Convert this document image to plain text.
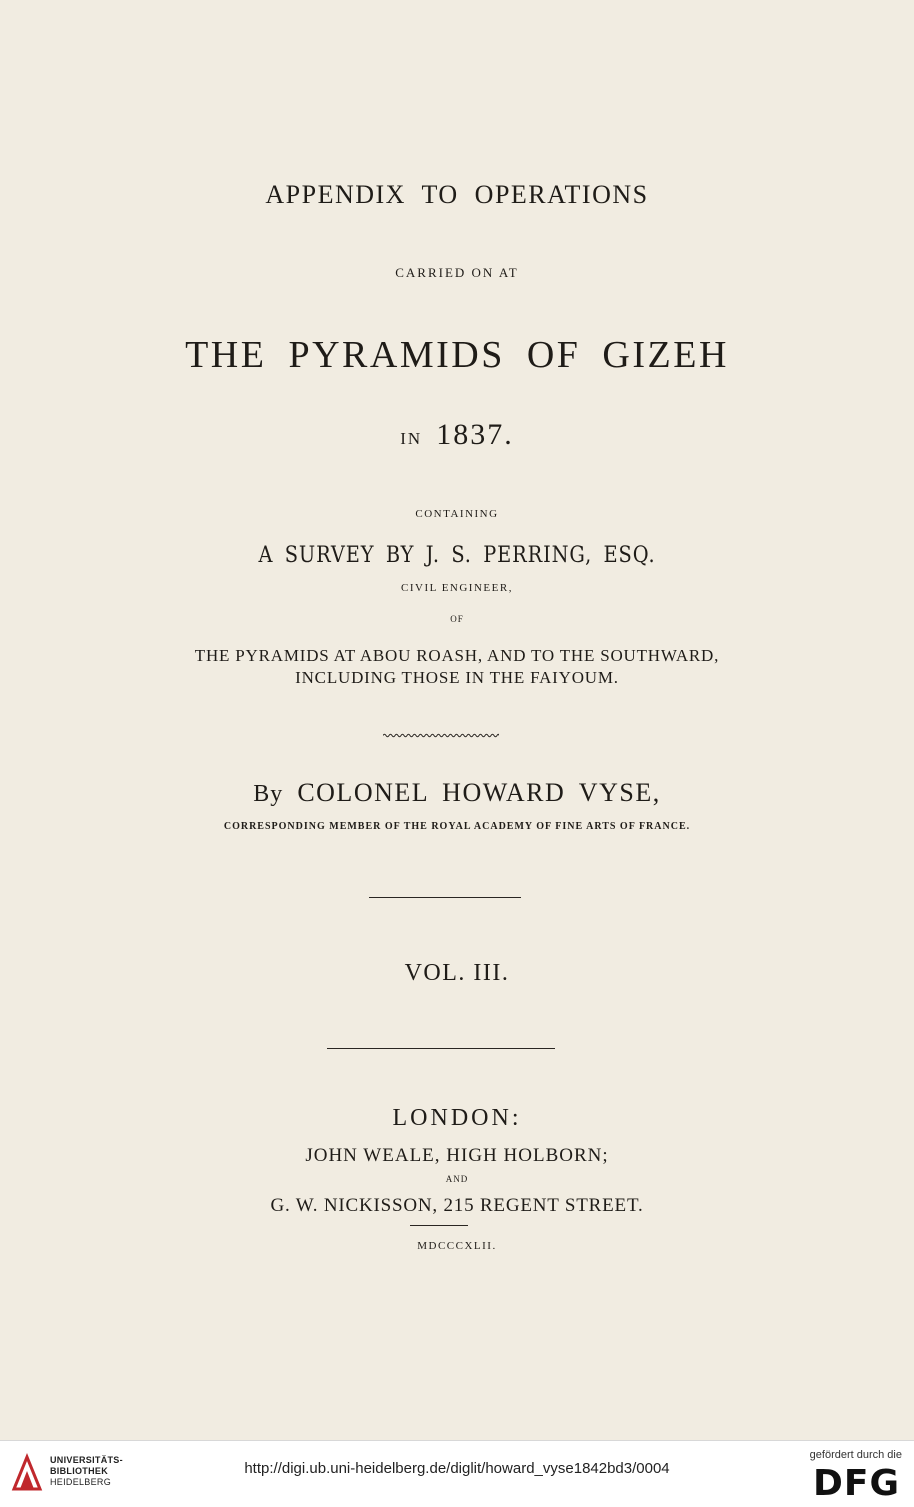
APPENDIX TO OPERATIONS
CARRIED ON AT
THE PYRAMIDS OF GIZEH
IN 1837.
CONTAINING
A SURVEY BY J. S. PERRING, ESQ.
CIVIL ENGINEER,
OF
THE PYRAMIDS AT ABOU ROASH, AND TO THE SOUTHWARD,
INCLUDING THOSE IN THE FAIYOUM.
By COLONEL HOWARD VYSE,
CORRESPONDING MEMBER OF THE ROYAL ACADEMY OF FINE ARTS OF FRANCE.
VOL. III.
LONDON:
JOHN WEALE, HIGH HOLBORN;
AND
G. W. NICKISSON, 215 REGENT STREET.
MDCCCXLII.
UNIVERSITÄTS-
BIBLIOTHEK
HEIDELBERG
http://digi.ub.uni-heidelberg.de/diglit/howard_vyse1842bd3/0004
gefördert durch die
DFG
